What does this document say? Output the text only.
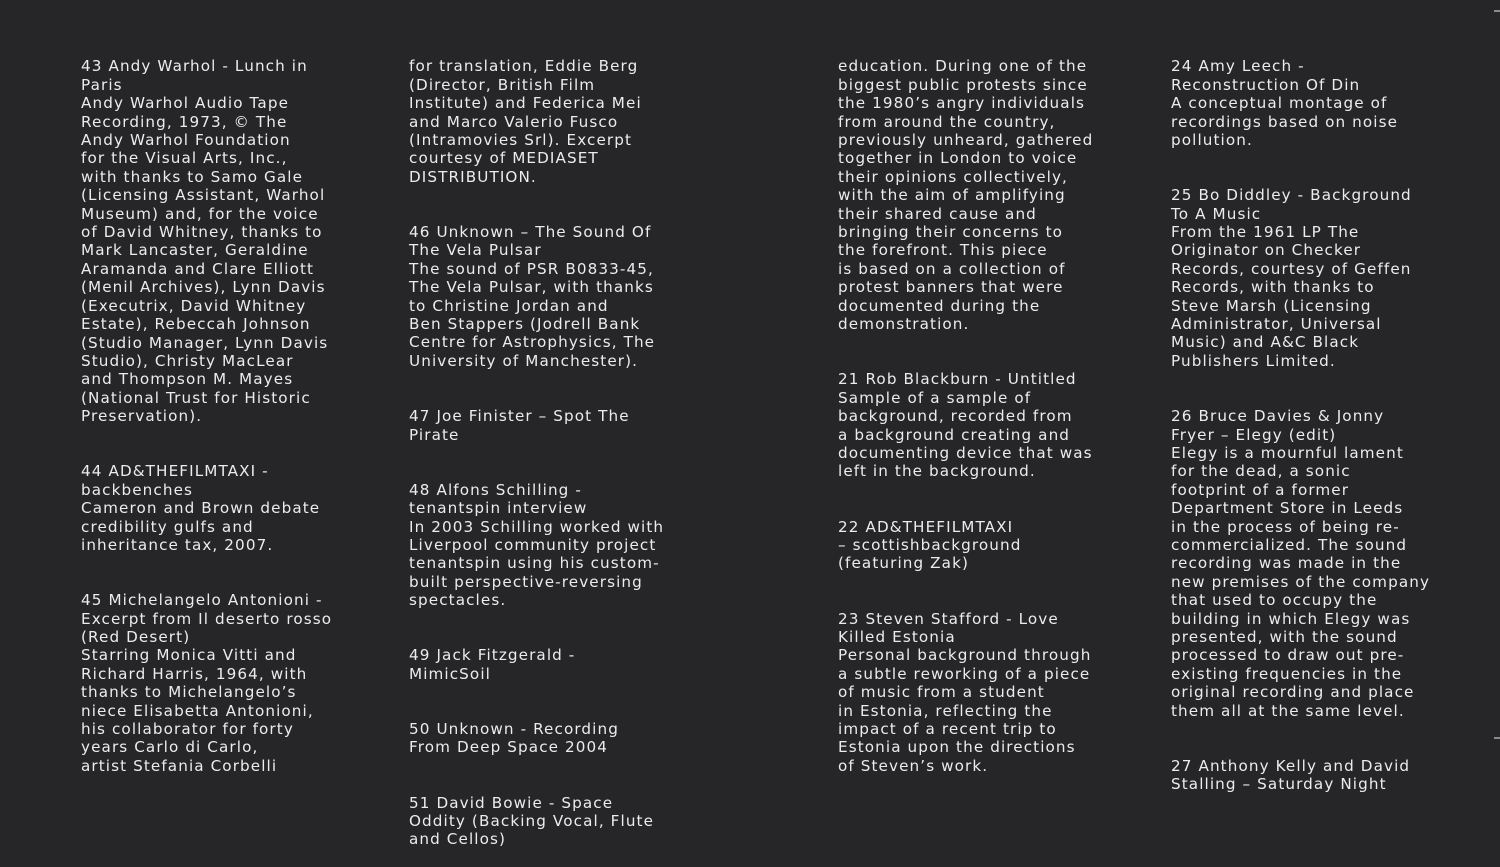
43 Andy Warhol - Lunch in
Paris
Andy Warhol Audio Tape
Recording, 1973, © The
Andy Warhol Foundation
for the Visual Arts, Inc.,
with thanks to Samo Gale
(Licensing Assistant, Warhol
Museum) and, for the voice
of David Whitney, thanks to
Mark Lancaster, Geraldine
Aramanda and Clare Elliott
(Menil Archives), Lynn Davis
(Executrix, David Whitney
Estate), Rebeccah Johnson
(Studio Manager, Lynn Davis
Studio), Christy MacLear
and Thompson M. Mayes
(National Trust for Historic
Preservation).

44 AD&THEFILMTAXI -
backbenches
Cameron and Brown debate
credibility gulfs and
inheritance tax, 2007.

45 Michelangelo Antonioni -
Excerpt from Il deserto rosso
(Red Desert)
Starring Monica Vitti and
Richard Harris, 1964, with
thanks to Michelangelo’s
niece Elisabetta Antonioni,
his collaborator for forty
years Carlo di Carlo,
artist Stefania Corbelli

for translation, Eddie Berg
(Director, British Film
Institute) and Federica Mei
and Marco Valerio Fusco
(Intramovies Srl). Excerpt
courtesy of MEDIASET
DISTRIBUTION.

46 Unknown – The Sound Of
The Vela Pulsar
The sound of PSR B0833-45,
The Vela Pulsar, with thanks
to Christine Jordan and
Ben Stappers (Jodrell Bank
Centre for Astrophysics, The
University of Manchester).

47 Joe Finister – Spot The
Pirate

48 Alfons Schilling -
tenantspin interview
In 2003 Schilling worked with
Liverpool community project
tenantspin using his custom-
built perspective-reversing
spectacles.

49 Jack Fitzgerald -
MimicSoil

50 Unknown - Recording
From Deep Space 2004

51 David Bowie - Space
Oddity (Backing Vocal, Flute
and Cellos)

education. During one of the
biggest public protests since
the 1980’s angry individuals
from around the country,
previously unheard, gathered
together in London to voice
their opinions collectively,
with the aim of amplifying
their shared cause and
bringing their concerns to
the forefront. This piece
is based on a collection of
protest banners that were
documented during the
demonstration.

21 Rob Blackburn - Untitled
Sample of a sample of
background, recorded from
a background creating and
documenting device that was
left in the background.

22 AD&THEFILMTAXI
– scottishbackground
(featuring Zak)

23 Steven Stafford - Love
Killed Estonia
Personal background through
a subtle reworking of a piece
of music from a student
in Estonia, reflecting the
impact of a recent trip to
Estonia upon the directions
of Steven’s work.

24 Amy Leech -
Reconstruction Of Din
A conceptual montage of
recordings based on noise
pollution.

25 Bo Diddley - Background
To A Music
From the 1961 LP The
Originator on Checker
Records, courtesy of Geffen
Records, with thanks to
Steve Marsh (Licensing
Administrator, Universal
Music) and A&C Black
Publishers Limited.

26 Bruce Davies & Jonny
Fryer – Elegy (edit)
Elegy is a mournful lament
for the dead, a sonic
footprint of a former
Department Store in Leeds
in the process of being re-
commercialized. The sound
recording was made in the
new premises of the company
that used to occupy the
building in which Elegy was
presented, with the sound
processed to draw out pre-
existing frequencies in the
original recording and place
them all at the same level.

27 Anthony Kelly and David
Stalling – Saturday Night
